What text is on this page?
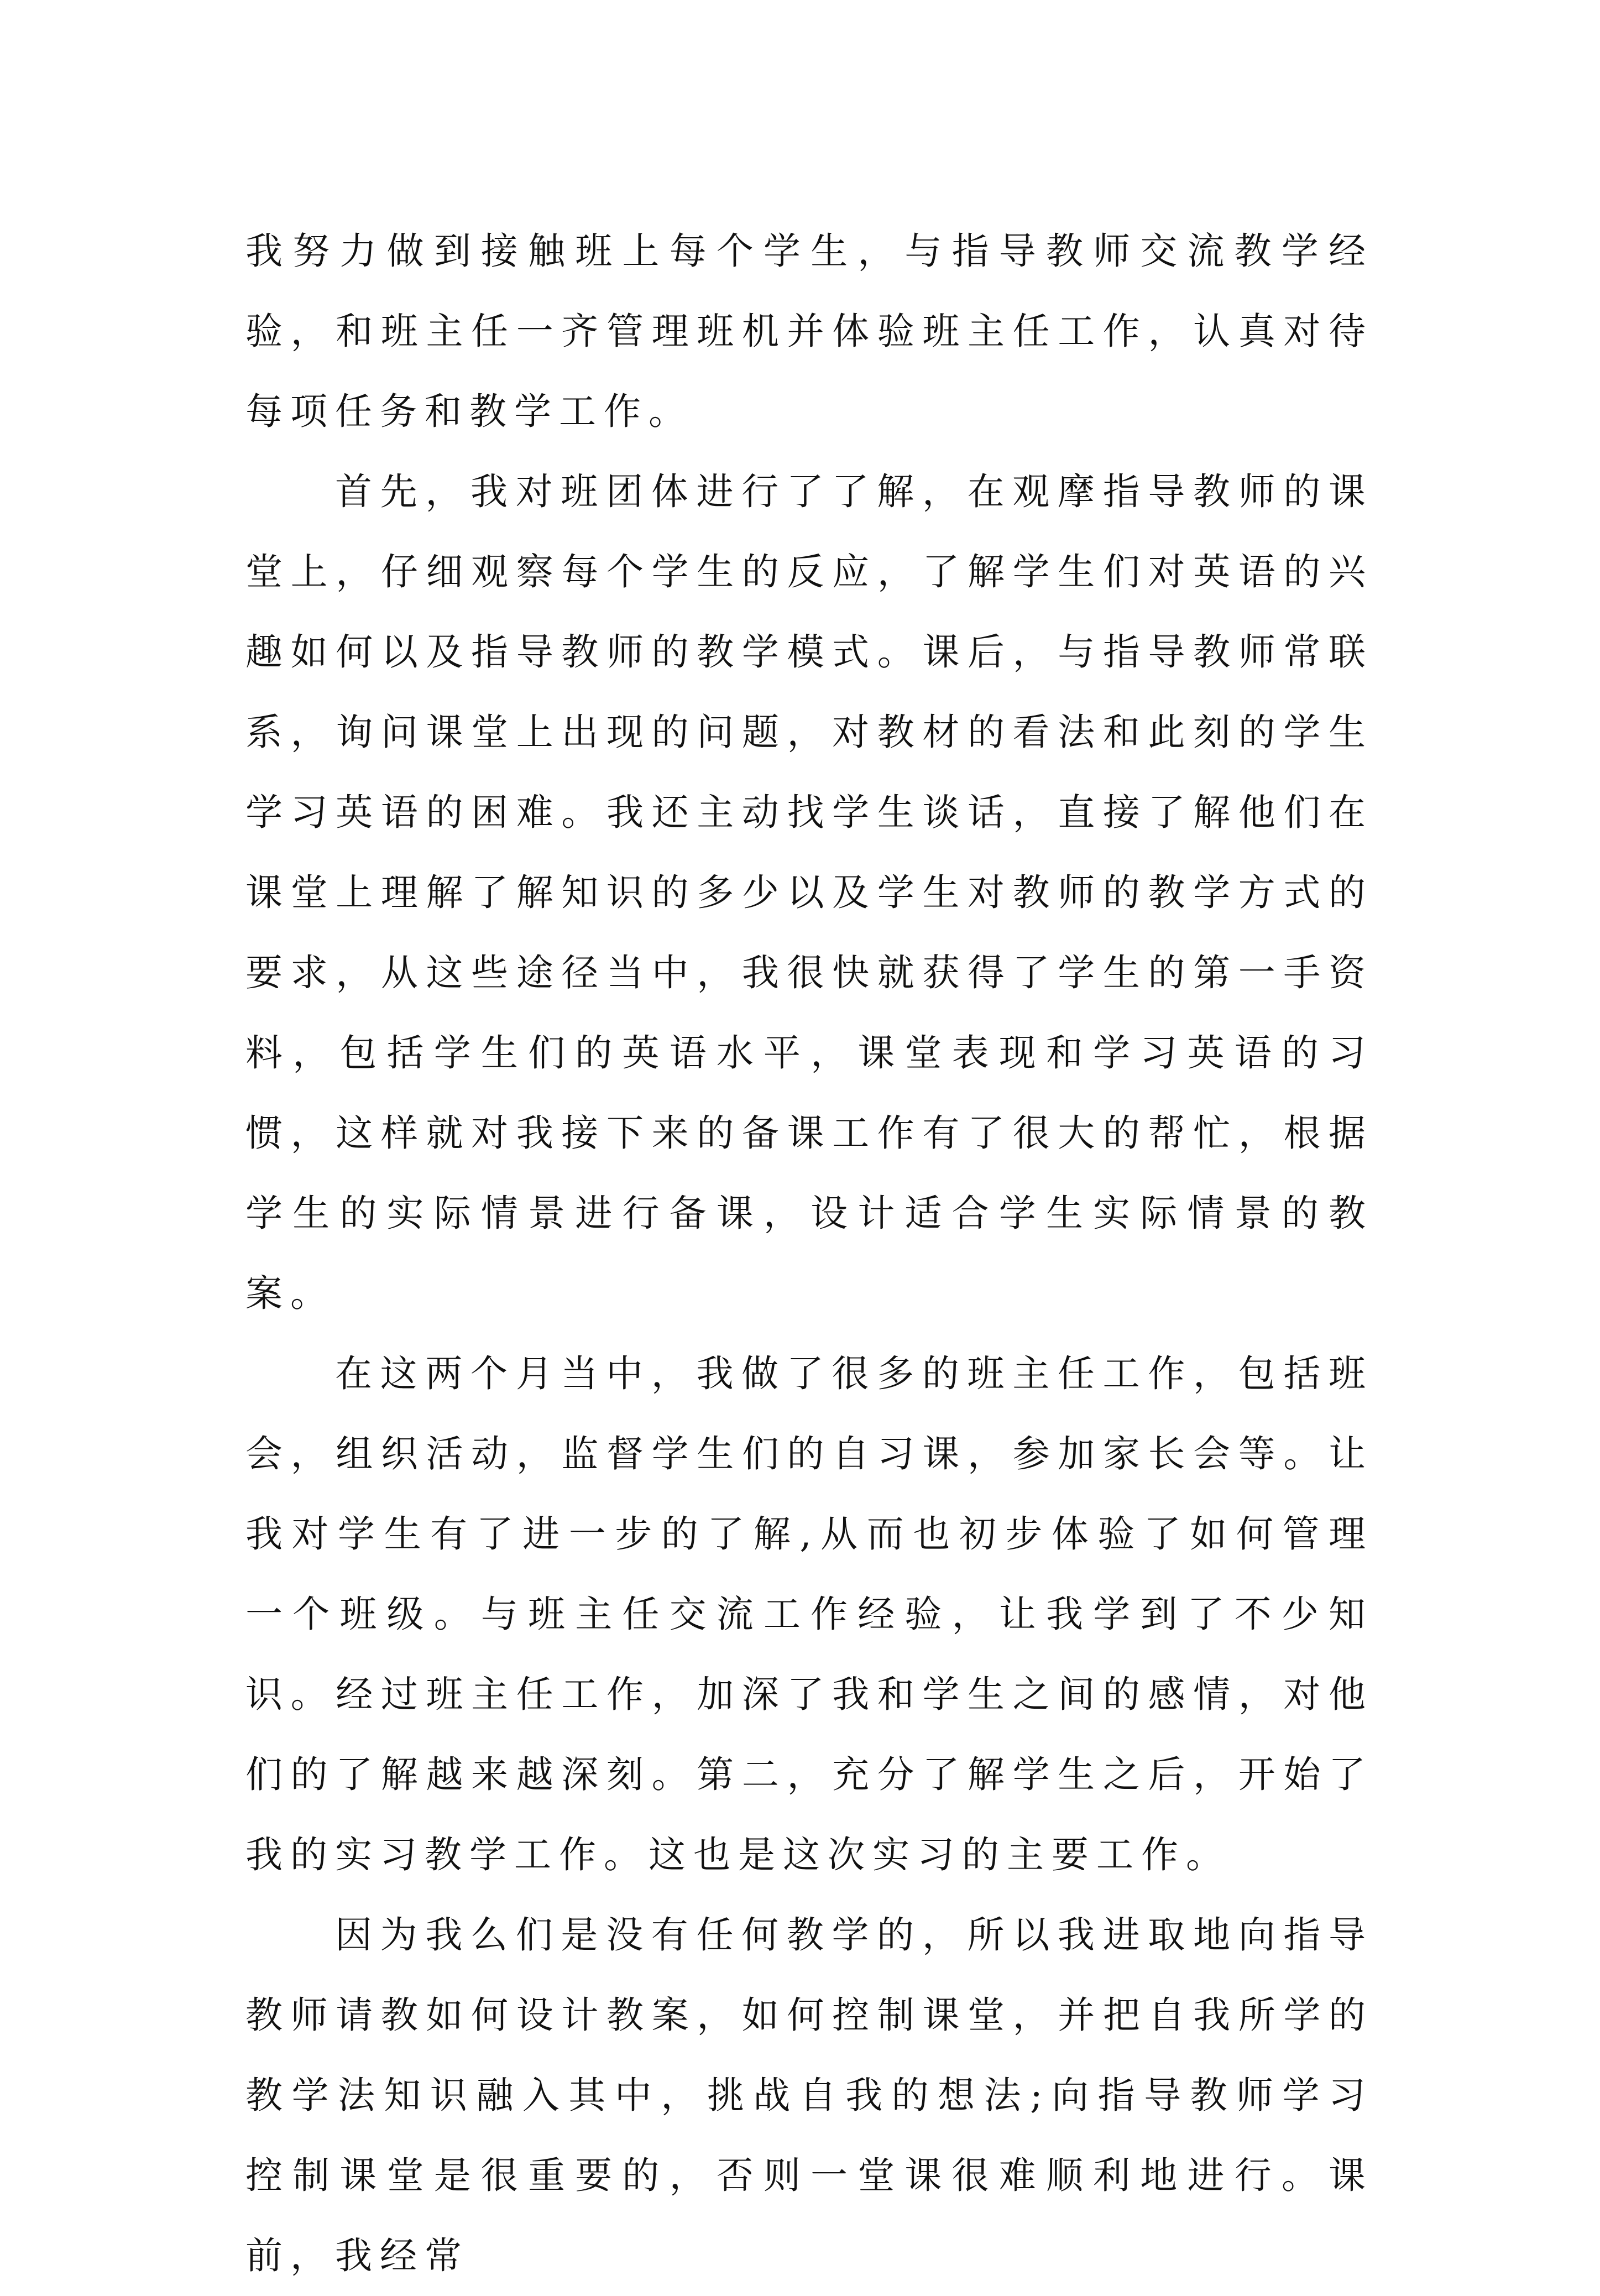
我努力做到接触班上每个学生，与指导教师交流教学经验，和班主任一齐管理班机并体验班主任工作，认真对待每项任务和教学工作。

首先，我对班团体进行了了解，在观摩指导教师的课堂上，仔细观察每个学生的反应，了解学生们对英语的兴趣如何以及指导教师的教学模式。课后，与指导教师常联系，询问课堂上出现的问题，对教材的看法和此刻的学生学习英语的困难。我还主动找学生谈话，直接了解他们在课堂上理解了解知识的多少以及学生对教师的教学方式的要求，从这些途径当中，我很快就获得了学生的第一手资料，包括学生们的英语水平，课堂表现和学习英语的习惯，这样就对我接下来的备课工作有了很大的帮忙，根据学生的实际情景进行备课，设计适合学生实际情景的教案。

在这两个月当中，我做了很多的班主任工作，包括班会，组织活动，监督学生们的自习课，参加家长会等。让我对学生有了进一步的了解,从而也初步体验了如何管理一个班级。与班主任交流工作经验，让我学到了不少知识。经过班主任工作，加深了我和学生之间的感情，对他们的了解越来越深刻。第二，充分了解学生之后，开始了我的实习教学工作。这也是这次实习的主要工作。

因为我么们是没有任何教学的，所以我进取地向指导教师请教如何设计教案，如何控制课堂，并把自我所学的教学法知识融入其中，挑战自我的想法;向指导教师学习控制课堂是很重要的，否则一堂课很难顺利地进行。课前，我经常
